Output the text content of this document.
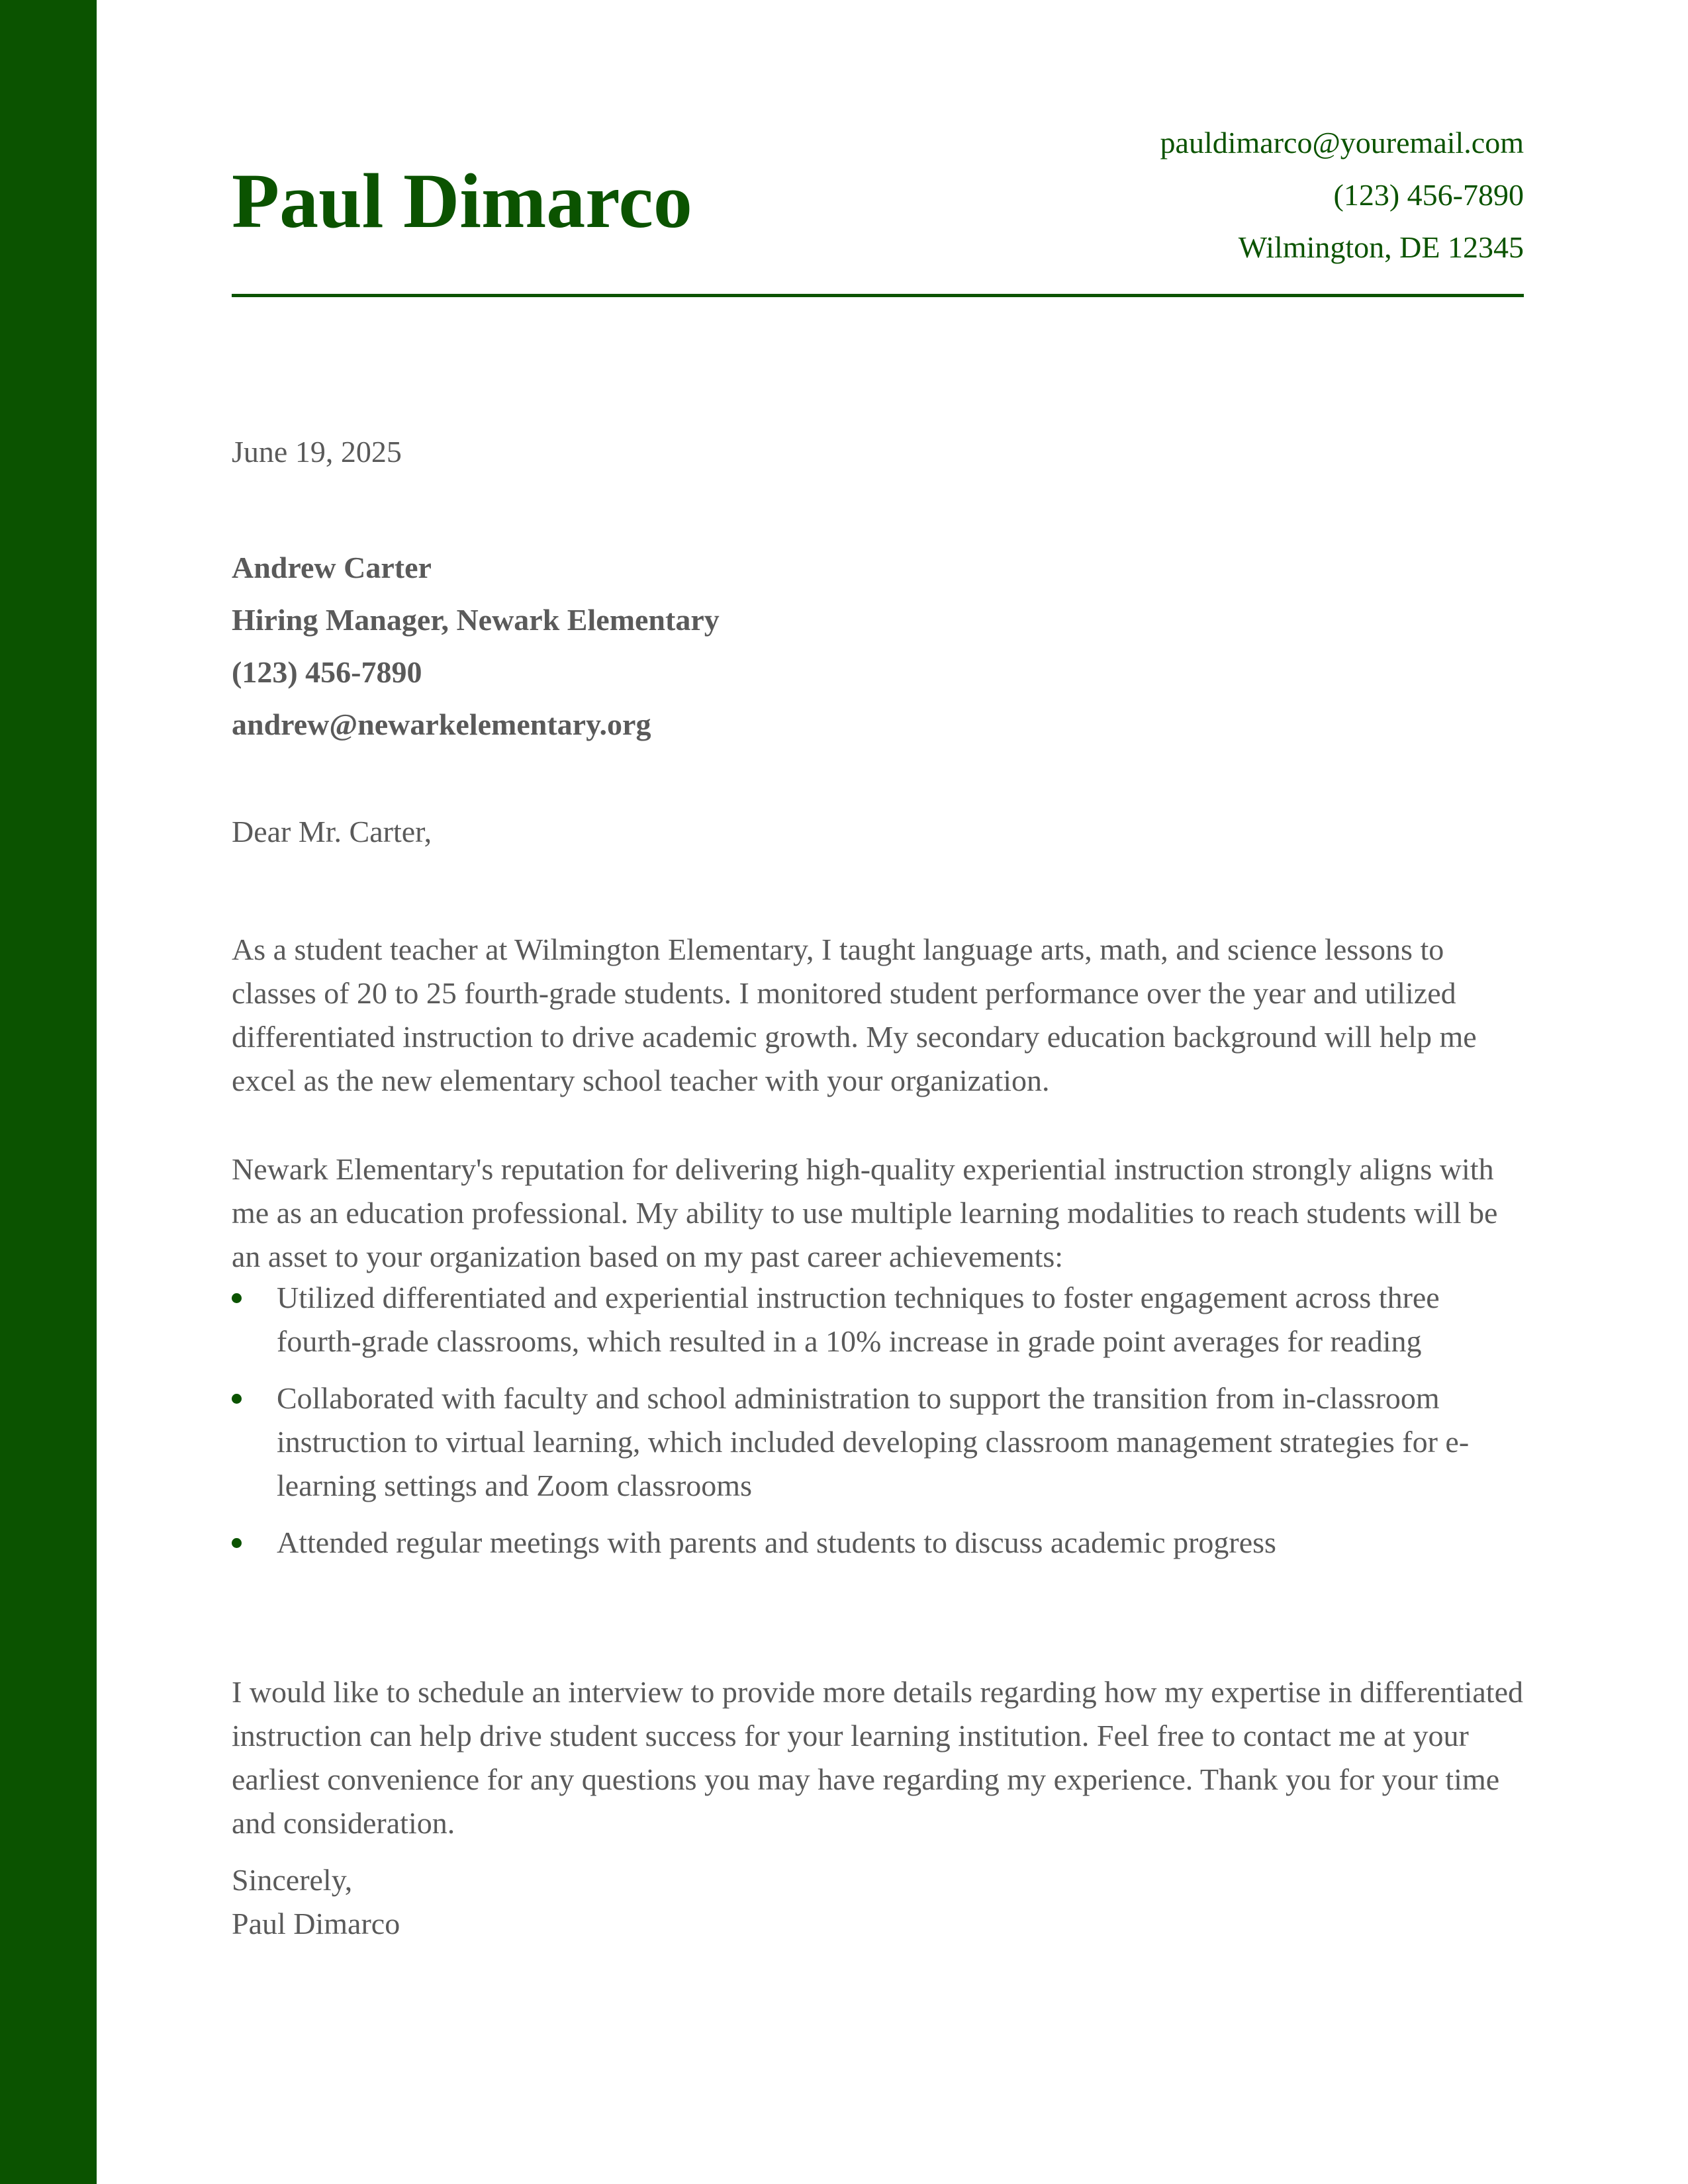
Paul Dimarco
pauldimarco@youremail.com
(123) 456-7890
Wilmington, DE 12345
June 19, 2025
Andrew Carter
Hiring Manager, Newark Elementary
(123) 456-7890
andrew@newarkelementary.org
Dear Mr. Carter,

As a student teacher at Wilmington Elementary, I taught language arts, math, and science lessons to classes of 20 to 25 fourth-grade students. I monitored student performance over the year and utilized differentiated instruction to drive academic growth. My secondary education background will help me excel as the new elementary school teacher with your organization.

Newark Elementary's reputation for delivering high-quality experiential instruction strongly aligns with me as an education professional. My ability to use multiple learning modalities to reach students will be an asset to your organization based on my past career achievements:

Utilized differentiated and experiential instruction techniques to foster engagement across three fourth-grade classrooms, which resulted in a 10% increase in grade point averages for reading
Collaborated with faculty and school administration to support the transition from in-classroom instruction to virtual learning, which included developing classroom management strategies for e-learning settings and Zoom classrooms
Attended regular meetings with parents and students to discuss academic progress

I would like to schedule an interview to provide more details regarding how my expertise in differentiated instruction can help drive student success for your learning institution. Feel free to contact me at your earliest convenience for any questions you may have regarding my experience. Thank you for your time and consideration.

Sincerely,
Paul Dimarco
